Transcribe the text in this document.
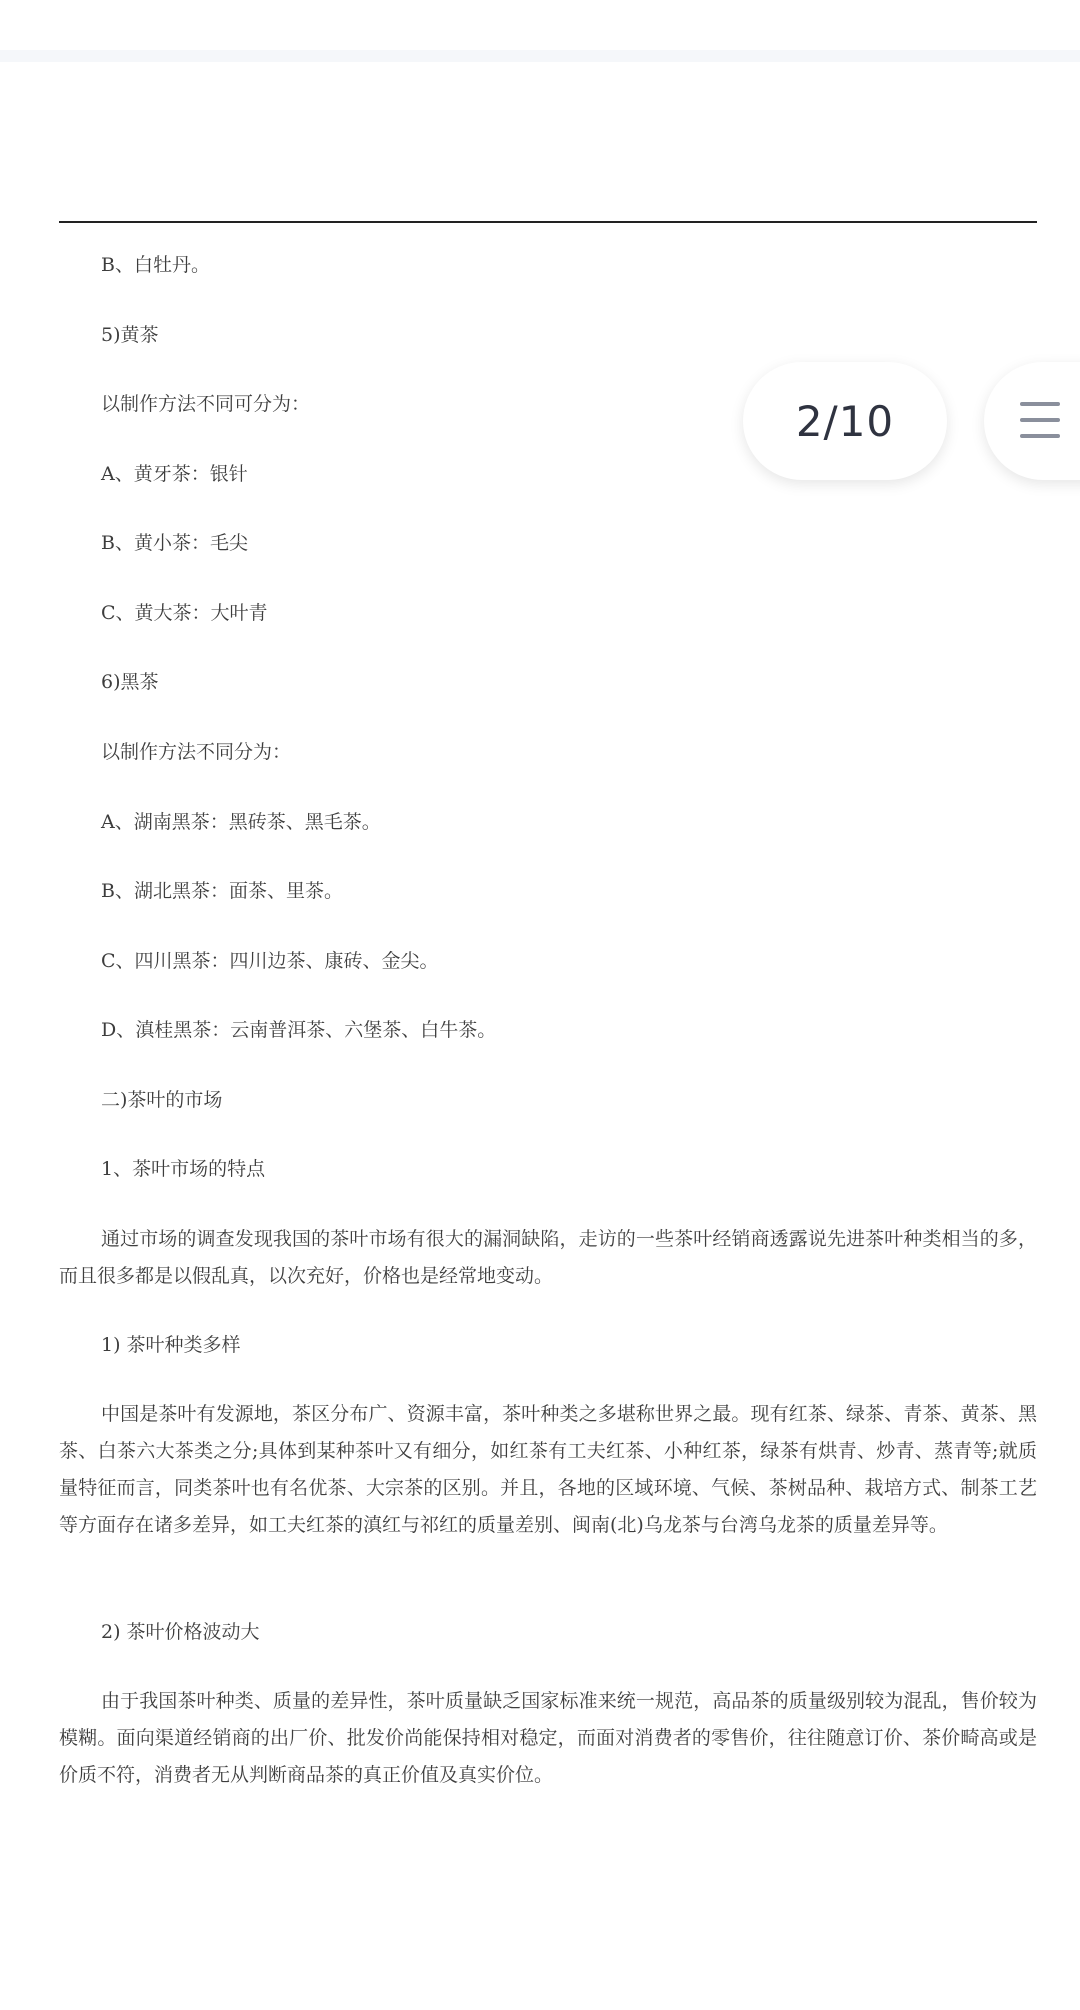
B、白牡丹。
5)黄茶
以制作方法不同可分为：
A、黄牙茶：银针
B、黄小茶：毛尖
C、黄大茶：大叶青
6)黑茶
以制作方法不同分为：
A、湖南黑茶：黑砖茶、黑毛茶。
B、湖北黑茶：面茶、里茶。
C、四川黑茶：四川边茶、康砖、金尖。
D、滇桂黑茶：云南普洱茶、六堡茶、白牛茶。
二)茶叶的市场
1、茶叶市场的特点
通过市场的调查发现我国的茶叶市场有很大的漏洞缺陷，走访的一些茶叶经销商透露说先进茶叶种类相当的多，而且很多都是以假乱真，以次充好，价格也是经常地变动。
1) 茶叶种类多样
中国是茶叶有发源地，茶区分布广、资源丰富，茶叶种类之多堪称世界之最。现有红茶、绿茶、青茶、黄茶、黑茶、白茶六大茶类之分;具体到某种茶叶又有细分，如红茶有工夫红茶、小种红茶，绿茶有烘青、炒青、蒸青等;就质量特征而言，同类茶叶也有名优茶、大宗茶的区别。并且，各地的区域环境、气候、茶树品种、栽培方式、制茶工艺等方面存在诸多差异，如工夫红茶的滇红与祁红的质量差别、闽南(北)乌龙茶与台湾乌龙茶的质量差异等。
2) 茶叶价格波动大
由于我国茶叶种类、质量的差异性，茶叶质量缺乏国家标准来统一规范，高品茶的质量级别较为混乱，售价较为模糊。面向渠道经销商的出厂价、批发价尚能保持相对稳定，而面对消费者的零售价，往往随意订价、茶价畸高或是价质不符，消费者无从判断商品茶的真正价值及真实价位。
2/10
